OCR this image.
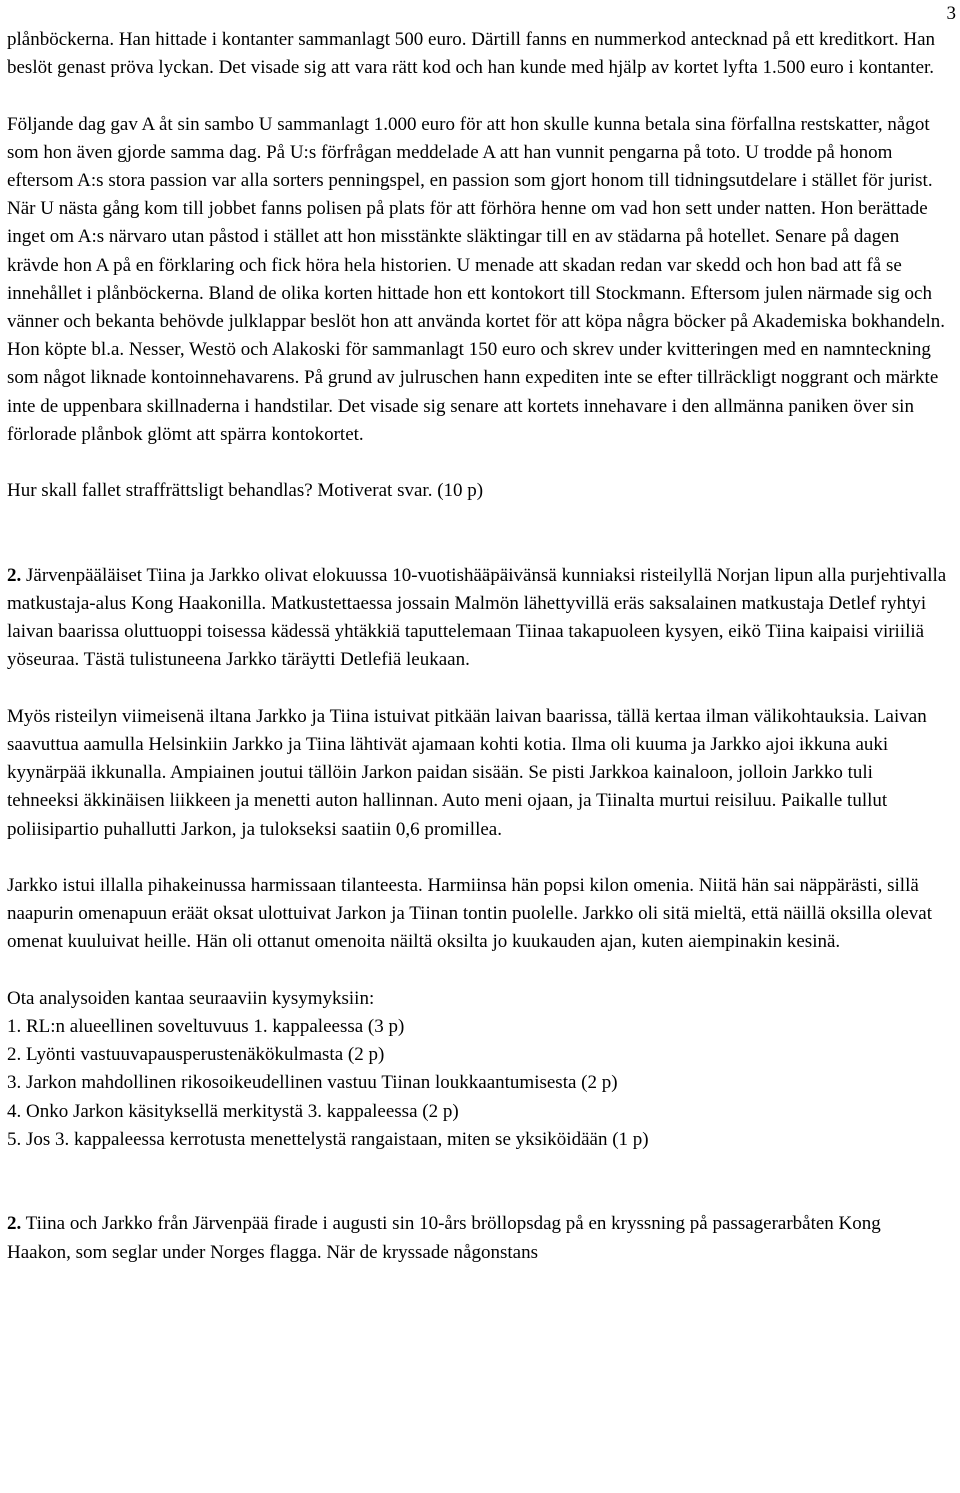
3

plånböckerna. Han hittade i kontanter sammanlagt 500 euro. Därtill fanns en nummerkod antecknad på ett kreditkort. Han beslöt genast pröva lyckan. Det visade sig att vara rätt kod och han kunde med hjälp av kortet lyfta 1.500 euro i kontanter.

Följande dag gav A åt sin sambo U sammanlagt 1.000 euro för att hon skulle kunna betala sina förfallna restskatter, något som hon även gjorde samma dag. På U:s förfrågan meddelade A att han vunnit pengarna på toto. U trodde på honom eftersom A:s stora passion var alla sorters penningspel, en passion som gjort honom till tidningsutdelare i stället för jurist. När U nästa gång kom till jobbet fanns polisen på plats för att förhöra henne om vad hon sett under natten. Hon berättade inget om A:s närvaro utan påstod i stället att hon misstänkte släktingar till en av städarna på hotellet. Senare på dagen krävde hon A på en förklaring och fick höra hela historien. U menade att skadan redan var skedd och hon bad att få se innehållet i plånböckerna. Bland de olika korten hittade hon ett kontokort till Stockmann. Eftersom julen närmade sig och vänner och bekanta behövde julklappar beslöt hon att använda kortet för att köpa några böcker på Akademiska bokhandeln. Hon köpte bl.a. Nesser, Westö och Alakoski för sammanlagt 150 euro och skrev under kvitteringen med en namnteckning som något liknade kontoinnehavarens. På grund av julruschen hann expediten inte se efter tillräckligt noggrant och märkte inte de uppenbara skillnaderna i handstilar. Det visade sig senare att kortets innehavare i den allmänna paniken över sin förlorade plånbok glömt att spärra kontokortet.

Hur skall fallet straffrättsligt behandlas? Motiverat svar. (10 p)

2. Järvenpääläiset Tiina ja Jarkko olivat elokuussa 10-vuotishääpäivänsä kunniaksi risteilyllä Norjan lipun alla purjehtivalla matkustaja-alus Kong Haakonilla. Matkustettaessa jossain Malmön lähettyvillä eräs saksalainen matkustaja Detlef ryhtyi laivan baarissa oluttuoppi toisessa kädessä yhtäkkiä taputtelemaan Tiinaa takapuoleen kysyen, eikö Tiina kaipaisi viriiliä yöseuraa. Tästä tulistuneena Jarkko täräytti Detlefiä leukaan.

Myös risteilyn viimeisenä iltana Jarkko ja Tiina istuivat pitkään laivan baarissa, tällä kertaa ilman välikohtauksia. Laivan saavuttua aamulla Helsinkiin Jarkko ja Tiina lähtivät ajamaan kohti kotia. Ilma oli kuuma ja Jarkko ajoi ikkuna auki kyynärpää ikkunalla. Ampiainen joutui tällöin Jarkon paidan sisään. Se pisti Jarkkoa kainaloon, jolloin Jarkko tuli tehneeksi äkkinäisen liikkeen ja menetti auton hallinnan. Auto meni ojaan, ja Tiinalta murtui reisiluu. Paikalle tullut poliisipartio puhallutti Jarkon, ja tulokseksi saatiin 0,6 promillea.

Jarkko istui illalla pihakeinussa harmissaan tilanteesta. Harmiinsa hän popsi kilon omenia. Niitä hän sai näppärästi, sillä naapurin omenapuun eräät oksat ulottuivat Jarkon ja Tiinan tontin puolelle. Jarkko oli sitä mieltä, että näillä oksilla olevat omenat kuuluivat heille. Hän oli ottanut omenoita näiltä oksilta jo kuukauden ajan, kuten aiempinakin kesinä.

Ota analysoiden kantaa seuraaviin kysymyksiin:

1. RL:n alueellinen soveltuvuus 1. kappaleessa (3 p)
2. Lyönti vastuuvapausperustenäkökulmasta (2 p)
3. Jarkon mahdollinen rikosoikeudellinen vastuu Tiinan loukkaantumisesta (2 p)
4. Onko Jarkon käsityksellä merkitystä 3. kappaleessa (2 p)
5. Jos 3. kappaleessa kerrotusta menettelystä rangaistaan, miten se yksiköidään (1 p)

2. Tiina och Jarkko från Järvenpää firade i augusti sin 10-års bröllopsdag på en kryssning på passagerarbåten Kong Haakon, som seglar under Norges flagga. När de kryssade någonstans
